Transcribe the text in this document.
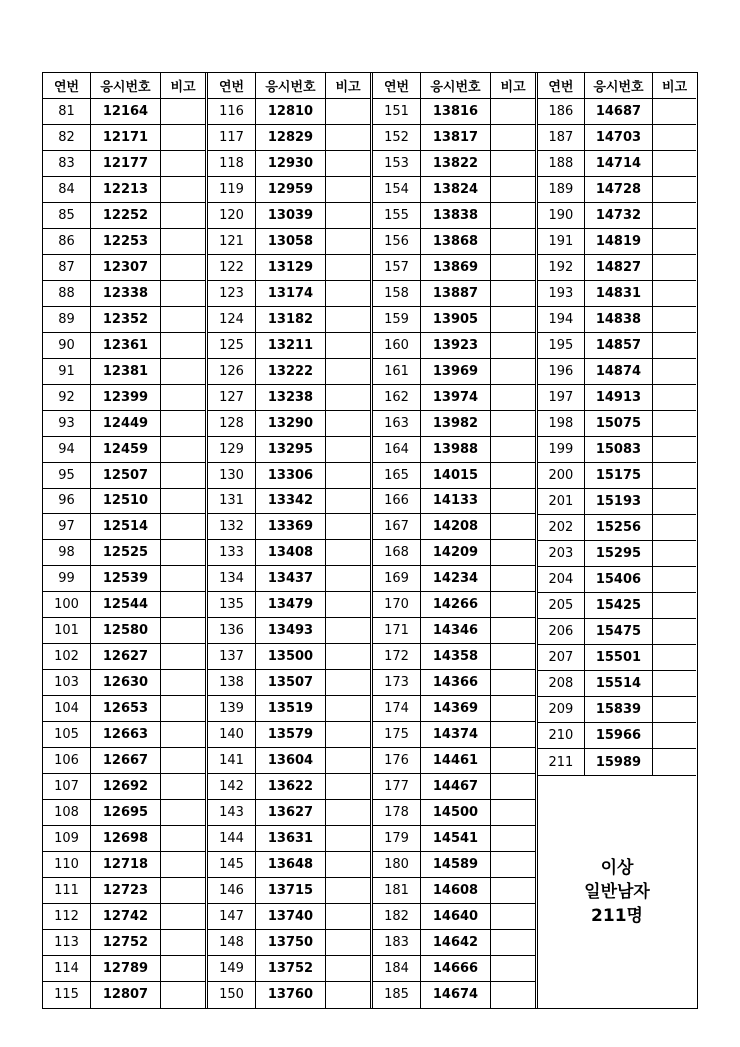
연번	응시번호	비고
81	12164
82	12171
83	12177
84	12213
85	12252
86	12253
87	12307
88	12338
89	12352
90	12361
91	12381
92	12399
93	12449
94	12459
95	12507
96	12510
97	12514
98	12525
99	12539
100	12544
101	12580
102	12627
103	12630
104	12653
105	12663
106	12667
107	12692
108	12695
109	12698
110	12718
111	12723
112	12742
113	12752
114	12789
115	12807
연번	응시번호	비고
116	12810
117	12829
118	12930
119	12959
120	13039
121	13058
122	13129
123	13174
124	13182
125	13211
126	13222
127	13238
128	13290
129	13295
130	13306
131	13342
132	13369
133	13408
134	13437
135	13479
136	13493
137	13500
138	13507
139	13519
140	13579
141	13604
142	13622
143	13627
144	13631
145	13648
146	13715
147	13740
148	13750
149	13752
150	13760
연번	응시번호	비고
151	13816
152	13817
153	13822
154	13824
155	13838
156	13868
157	13869
158	13887
159	13905
160	13923
161	13969
162	13974
163	13982
164	13988
165	14015
166	14133
167	14208
168	14209
169	14234
170	14266
171	14346
172	14358
173	14366
174	14369
175	14374
176	14461
177	14467
178	14500
179	14541
180	14589
181	14608
182	14640
183	14642
184	14666
185	14674
연번	응시번호	비고
186	14687
187	14703
188	14714
189	14728
190	14732
191	14819
192	14827
193	14831
194	14838
195	14857
196	14874
197	14913
198	15075
199	15083
200	15175
201	15193
202	15256
203	15295
204	15406
205	15425
206	15475
207	15501
208	15514
209	15839
210	15966
211	15989
이상
일반남자
211명
